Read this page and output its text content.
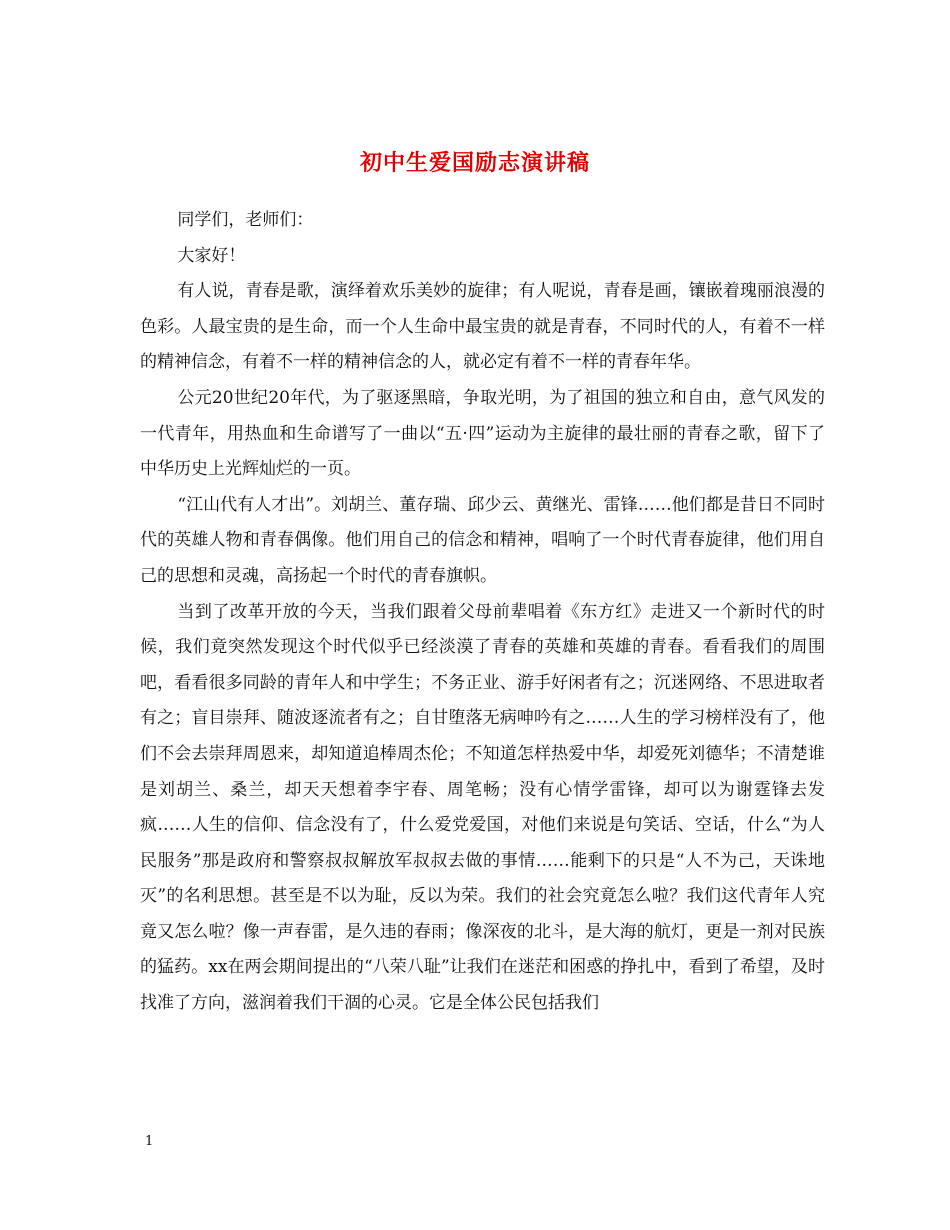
初中生爱国励志演讲稿

同学们，老师们：

大家好！

有人说，青春是歌，演绎着欢乐美妙的旋律；有人呢说，青春是画，镶嵌着瑰丽浪漫的色彩。人最宝贵的是生命，而一个人生命中最宝贵的就是青春，不同时代的人，有着不一样的精神信念，有着不一样的精神信念的人，就必定有着不一样的青春年华。

公元20世纪20年代，为了驱逐黑暗，争取光明，为了祖国的独立和自由，意气风发的一代青年，用热血和生命谱写了一曲以“五·四”运动为主旋律的最壮丽的青春之歌，留下了中华历史上光辉灿烂的一页。

“江山代有人才出”。刘胡兰、董存瑞、邱少云、黄继光、雷锋……他们都是昔日不同时代的英雄人物和青春偶像。他们用自己的信念和精神，唱响了一个时代青春旋律，他们用自己的思想和灵魂，高扬起一个时代的青春旗帜。

当到了改革开放的今天，当我们跟着父母前辈唱着《东方红》走进又一个新时代的时候，我们竟突然发现这个时代似乎已经淡漠了青春的英雄和英雄的青春。看看我们的周围吧，看看很多同龄的青年人和中学生；不务正业、游手好闲者有之；沉迷网络、不思进取者有之；盲目崇拜、随波逐流者有之；自甘堕落无病呻吟有之……人生的学习榜样没有了，他们不会去崇拜周恩来，却知道追棒周杰伦；不知道怎样热爱中华，却爱死刘德华；不清楚谁是刘胡兰、桑兰，却天天想着李宇春、周笔畅；没有心情学雷锋，却可以为谢霆锋去发疯……人生的信仰、信念没有了，什么爱党爱国，对他们来说是句笑话、空话，什么“为人民服务”那是政府和警察叔叔解放军叔叔去做的事情……能剩下的只是“人不为己，天诛地灭”的名利思想。甚至是不以为耻，反以为荣。我们的社会究竟怎么啦？我们这代青年人究竟又怎么啦？像一声春雷，是久违的春雨；像深夜的北斗，是大海的航灯，更是一剂对民族的猛药。xx在两会期间提出的“八荣八耻”让我们在迷茫和困惑的挣扎中，看到了希望，及时找准了方向，滋润着我们干涸的心灵。它是全体公民包括我们

1
